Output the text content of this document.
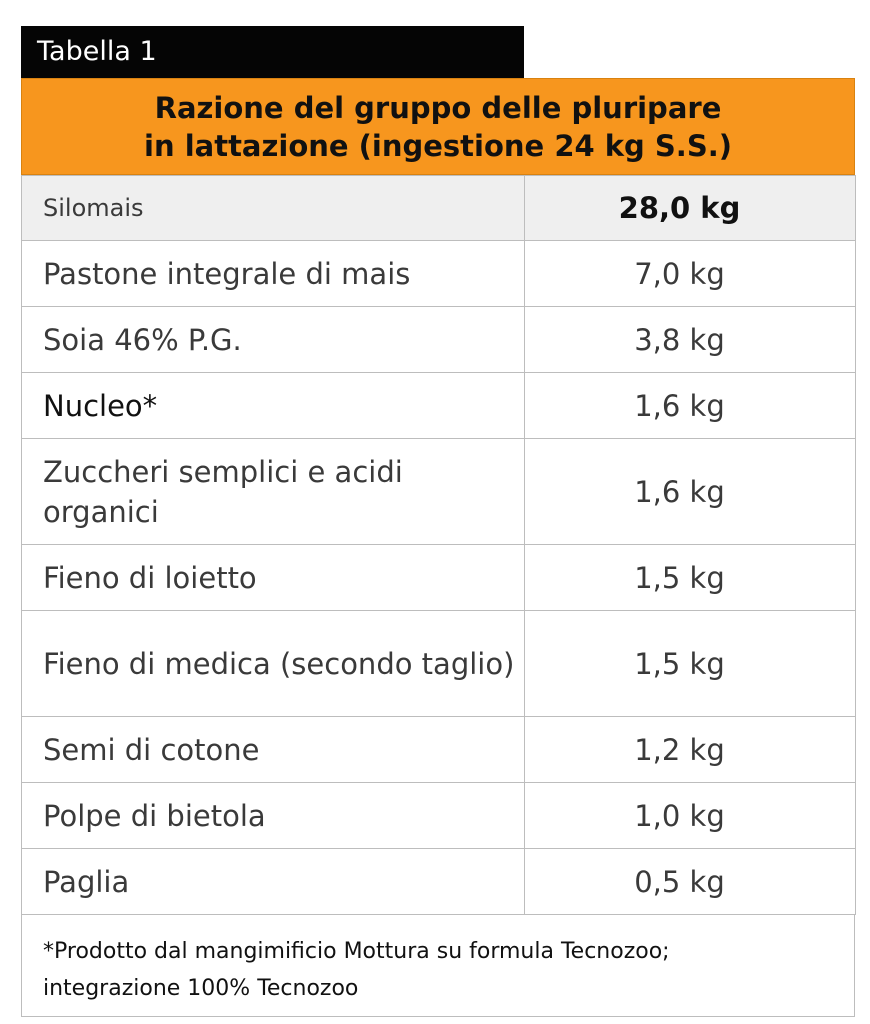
Tabella 1
Razione del gruppo delle pluripare
in lattazione (ingestione 24 kg S.S.)
Silomais	28,0 kg
Pastone integrale di mais	7,0 kg
Soia 46% P.G.	3,8 kg
Nucleo*	1,6 kg
Zuccheri semplici e acidi organici	1,6 kg
Fieno di loietto	1,5 kg
Fieno di medica (secondo taglio)	1,5 kg
Semi di cotone	1,2 kg
Polpe di bietola	1,0 kg
Paglia	0,5 kg
*Prodotto dal mangimificio Mottura su formula Tecnozoo;
integrazione 100% Tecnozoo
